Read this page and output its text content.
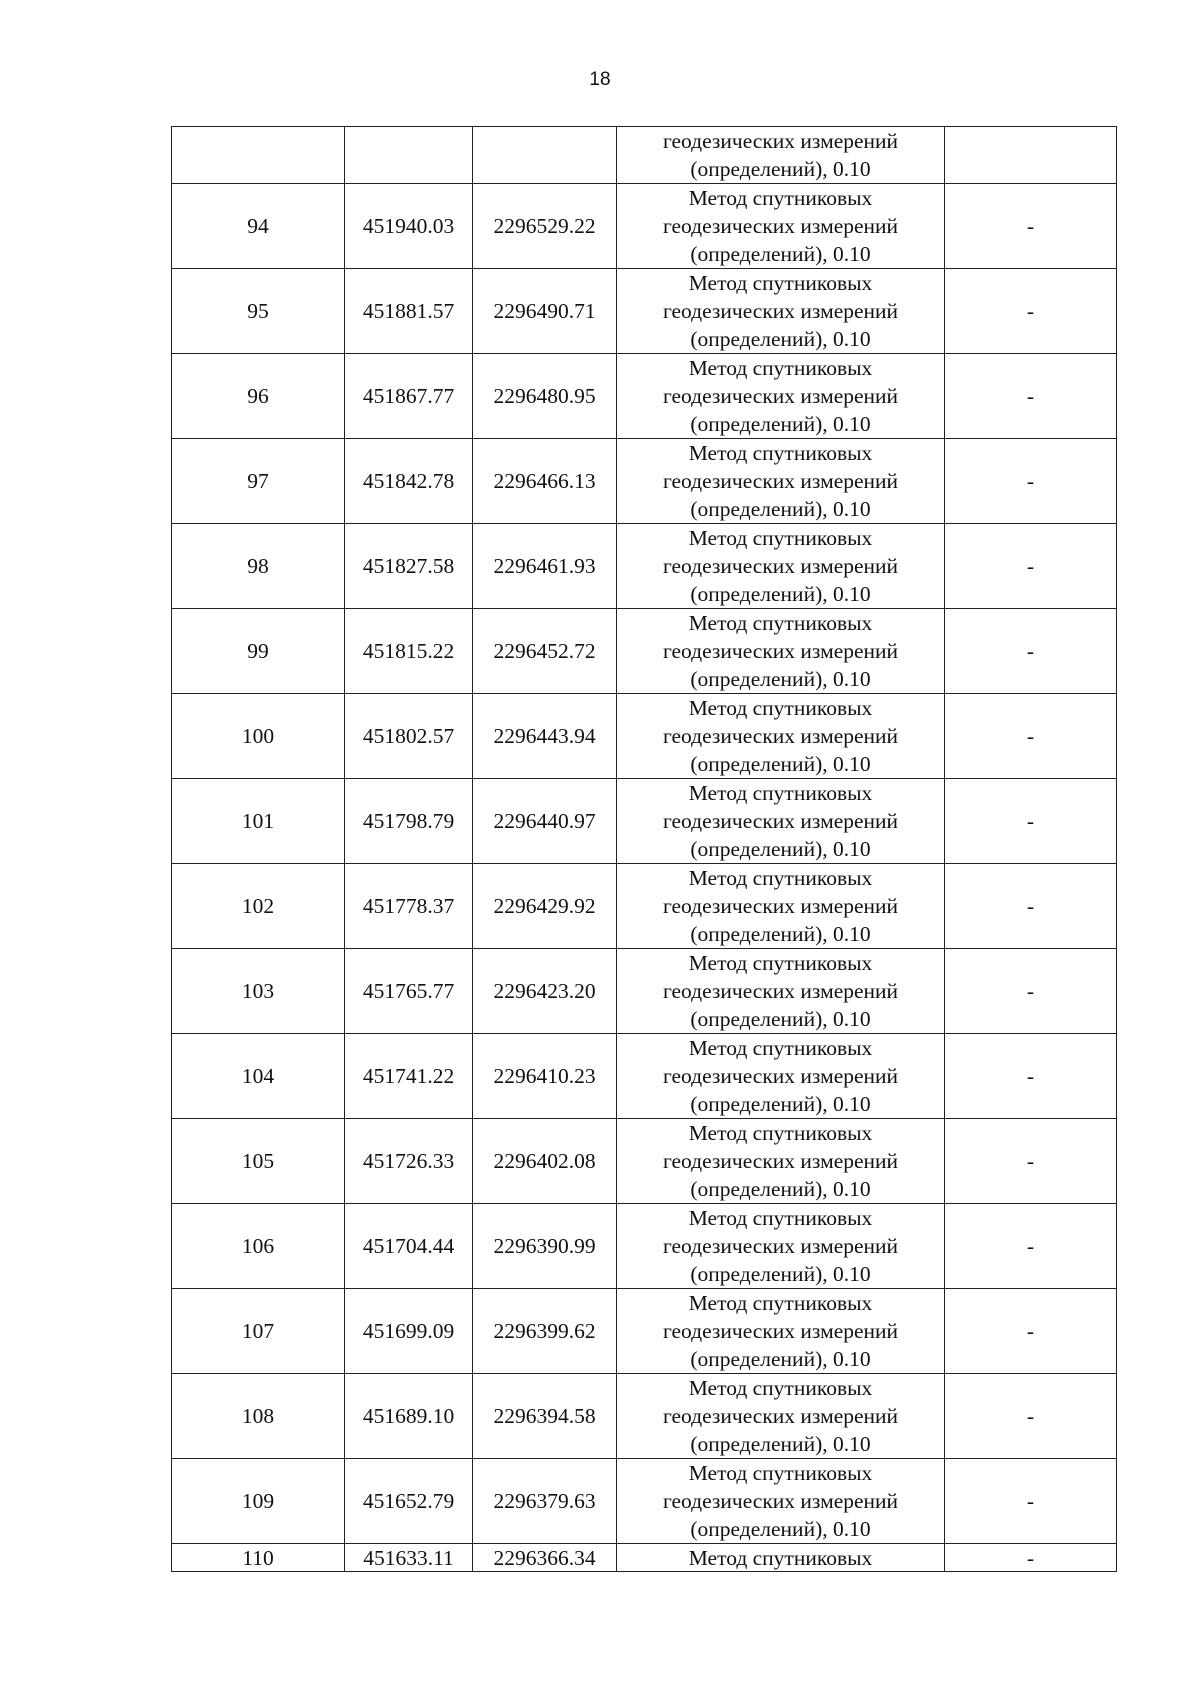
18

			геодезических измерений
(определений), 0.10	

94	451940.03	2296529.22	Метод спутниковых
геодезических измерений
(определений), 0.10	-
95	451881.57	2296490.71	Метод спутниковых
геодезических измерений
(определений), 0.10	-
96	451867.77	2296480.95	Метод спутниковых
геодезических измерений
(определений), 0.10	-
97	451842.78	2296466.13	Метод спутниковых
геодезических измерений
(определений), 0.10	-
98	451827.58	2296461.93	Метод спутниковых
геодезических измерений
(определений), 0.10	-
99	451815.22	2296452.72	Метод спутниковых
геодезических измерений
(определений), 0.10	-
100	451802.57	2296443.94	Метод спутниковых
геодезических измерений
(определений), 0.10	-
101	451798.79	2296440.97	Метод спутниковых
геодезических измерений
(определений), 0.10	-
102	451778.37	2296429.92	Метод спутниковых
геодезических измерений
(определений), 0.10	-
103	451765.77	2296423.20	Метод спутниковых
геодезических измерений
(определений), 0.10	-
104	451741.22	2296410.23	Метод спутниковых
геодезических измерений
(определений), 0.10	-
105	451726.33	2296402.08	Метод спутниковых
геодезических измерений
(определений), 0.10	-
106	451704.44	2296390.99	Метод спутниковых
геодезических измерений
(определений), 0.10	-
107	451699.09	2296399.62	Метод спутниковых
геодезических измерений
(определений), 0.10	-
108	451689.10	2296394.58	Метод спутниковых
геодезических измерений
(определений), 0.10	-
109	451652.79	2296379.63	Метод спутниковых
геодезических измерений
(определений), 0.10	-
110	451633.11	2296366.34	Метод спутниковых	-
